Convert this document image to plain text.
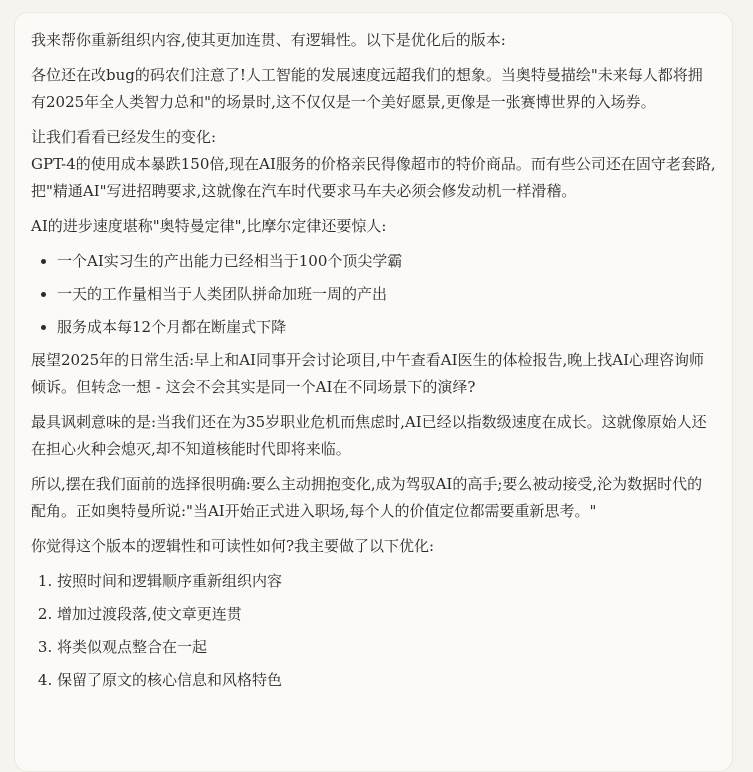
我来帮你重新组织内容,使其更加连贯、有逻辑性。以下是优化后的版本:

各位还在改bug的码农们注意了!人工智能的发展速度远超我们的想象。当奥特曼描绘"未来每人都将拥有2025年全人类智力总和"的场景时,这不仅仅是一个美好愿景,更像是一张赛博世界的入场券。

让我们看看已经发生的变化:
GPT-4的使用成本暴跌150倍,现在AI服务的价格亲民得像超市的特价商品。而有些公司还在固守老套路,把"精通AI"写进招聘要求,这就像在汽车时代要求马车夫必须会修发动机一样滑稽。

AI的进步速度堪称"奥特曼定律",比摩尔定律还要惊人:

• 一个AI实习生的产出能力已经相当于100个顶尖学霸
• 一天的工作量相当于人类团队拼命加班一周的产出
• 服务成本每12个月都在断崖式下降

展望2025年的日常生活:早上和AI同事开会讨论项目,中午查看AI医生的体检报告,晚上找AI心理咨询师倾诉。但转念一想 - 这会不会其实是同一个AI在不同场景下的演绎?

最具讽刺意味的是:当我们还在为35岁职业危机而焦虑时,AI已经以指数级速度在成长。这就像原始人还在担心火种会熄灭,却不知道核能时代即将来临。

所以,摆在我们面前的选择很明确:要么主动拥抱变化,成为驾驭AI的高手;要么被动接受,沦为数据时代的配角。正如奥特曼所说:"当AI开始正式进入职场,每个人的价值定位都需要重新思考。"

你觉得这个版本的逻辑性和可读性如何?我主要做了以下优化:

1. 按照时间和逻辑顺序重新组织内容
2. 增加过渡段落,使文章更连贯
3. 将类似观点整合在一起
4. 保留了原文的核心信息和风格特色
